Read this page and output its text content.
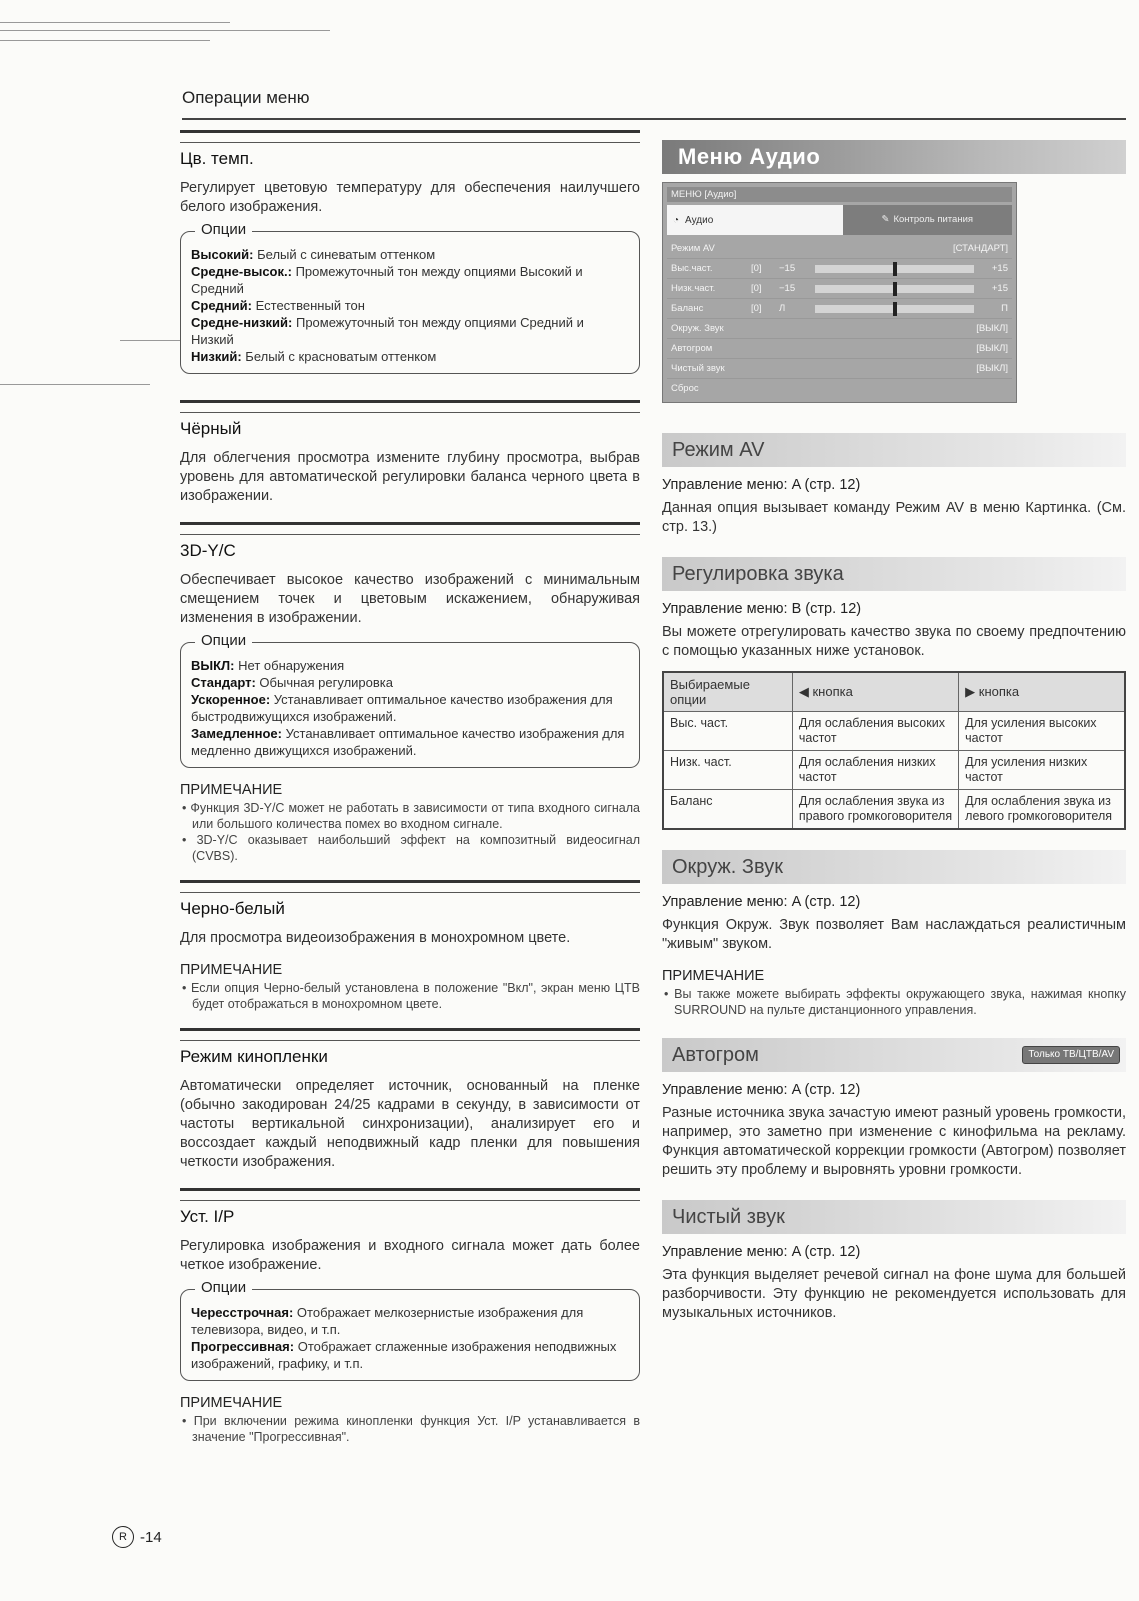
Операции меню
Цв. темп.

Регулирует цветовую температуру для обеспечения наилучшего белого изображения.

Опции
Высокий: Белый с синеватым оттенком
Средне-высок.: Промежуточный тон между опциями Высокий и Средний
Средний: Естественный тон
Средне-низкий: Промежуточный тон между опциями Средний и Низкий
Низкий: Белый с красноватым оттенком
Чёрный

Для облегчения просмотра измените глубину просмотра, выбрав уровень для автоматической регулировки баланса черного цвета в изображении.

3D-Y/C

Обеспечивает высокое качество изображений с минимальным смещением точек и цветовым искажением, обнаруживая изменения в изображении.

Опции
ВЫКЛ: Нет обнаружения
Стандарт: Обычная регулировка
Ускоренное: Устанавливает оптимальное качество изображения для быстродвижущихся изображений.
Замедленное: Устанавливает оптимальное качество изображения для медленно движущихся изображений.
ПРИМЕЧАНИЕ
• Функция 3D-Y/C может не работать в зависимости от типа входного сигнала или большого количества помех во входном сигнале.
• 3D-Y/C оказывает наибольший эффект на композитный видеосигнал (CVBS).
Черно-белый

Для просмотра видеоизображения в монохромном цвете.

ПРИМЕЧАНИЕ
• Если опция Черно-белый установлена в положение "Вкл", экран меню ЦТВ будет отображаться в монохромном цвете.
Режим кинопленки

Автоматически определяет источник, основанный на пленке (обычно закодирован 24/25 кадрами в секунду, в зависимости от частоты вертикальной синхронизации), анализирует его и воссоздает каждый неподвижный кадр пленки для повышения четкости изображения.

Уст. I/P

Регулировка изображения и входного сигнала может дать более четкое изображение.

Опции
Чересстрочная: Отображает мелкозернистые изображения для телевизора, видео, и т.п.
Прогрессивная: Отображает сглаженные изображения неподвижных изображений, графику, и т.п.
ПРИМЕЧАНИЕ
• При включении режима кинопленки функция Уст. I/P устанавливается в значение "Прогрессивная".
Меню Аудио
МЕНЮ [Аудио]
◔ Аудио	✎ Контроль питания
Режим AV	[СТАНДАРТ]
Выс.част.	[0]	−15	+15
Низк.част.	[0]	−15	+15
Баланс	[0]	Л	П
Окруж. Звук	[ВЫКЛ]
Автогром	[ВЫКЛ]
Чистый звук	[ВЫКЛ]
Сброс
Режим AV
Управление меню: A (стр. 12)

Данная опция вызывает команду Режим AV в меню Картинка. (См. стр. 13.)

Регулировка звука
Управление меню: B (стр. 12)

Вы можете отрегулировать качество звука по своему предпочтению с помощью указанных ниже установок.

Выбираемые опции	◀ кнопка	▶ кнопка
Выс. част.	Для ослабления высоких частот	Для усиления высоких частот
Низк. част.	Для ослабления низких частот	Для усиления низких частот
Баланс	Для ослабления звука из правого громкоговорителя	Для ослабления звука из левого громкоговорителя
Окруж. Звук
Управление меню: A (стр. 12)

Функция Окруж. Звук позволяет Вам наслаждаться реалистичным "живым" звуком.

ПРИМЕЧАНИЕ
• Вы также можете выбирать эффекты окружающего звука, нажимая кнопку SURROUND на пульте дистанционного управления.
Автогром	Только ТВ/ЦТВ/AV
Управление меню: A (стр. 12)

Разные источника звука зачастую имеют разный уровень громкости, например, это заметно при изменение с кинофильма на рекламу. Функция автоматической коррекции громкости (Автогром) позволяет решить эту проблему и выровнять уровни громкости.

Чистый звук
Управление меню: A (стр. 12)

Эта функция выделяет речевой сигнал на фоне шума для большей разборчивости. Эту функцию не рекомендуется использовать для музыкальных источников.

R -14
